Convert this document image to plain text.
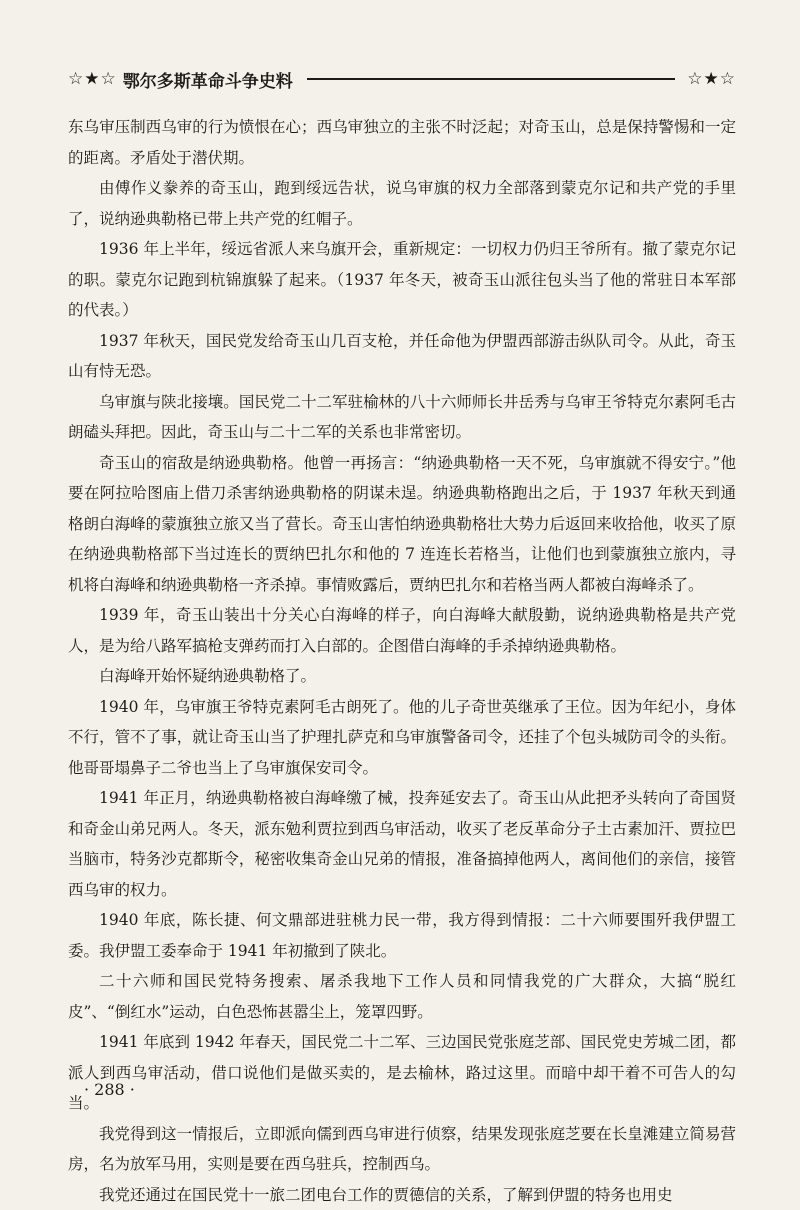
☆★☆ 鄂尔多斯革命斗争史料	☆★☆

东乌审压制西乌审的行为愤恨在心；西乌审独立的主张不时泛起；对奇玉山，总是保持警惕和一定的距离。矛盾处于潜伏期。

由傅作义豢养的奇玉山，跑到绥远告状，说乌审旗的权力全部落到蒙克尔记和共产党的手里了，说纳逊典勒格已带上共产党的红帽子。

1936 年上半年，绥远省派人来乌旗开会，重新规定：一切权力仍归王爷所有。撤了蒙克尔记的职。蒙克尔记跑到杭锦旗躲了起来。（1937 年冬天，被奇玉山派往包头当了他的常驻日本军部的代表。）

1937 年秋天，国民党发给奇玉山几百支枪，并任命他为伊盟西部游击纵队司令。从此，奇玉山有恃无恐。

乌审旗与陕北接壤。国民党二十二军驻榆林的八十六师师长井岳秀与乌审王爷特克尔素阿毛古朗磕头拜把。因此，奇玉山与二十二军的关系也非常密切。

奇玉山的宿敌是纳逊典勒格。他曾一再扬言：“纳逊典勒格一天不死，乌审旗就不得安宁。”他要在阿拉哈图庙上借刀杀害纳逊典勒格的阴谋未逞。纳逊典勒格跑出之后，于 1937 年秋天到通格朗白海峰的蒙旗独立旅又当了营长。奇玉山害怕纳逊典勒格壮大势力后返回来收拾他，收买了原在纳逊典勒格部下当过连长的贾纳巴扎尔和他的 7 连连长若格当，让他们也到蒙旗独立旅内，寻机将白海峰和纳逊典勒格一齐杀掉。事情败露后，贾纳巴扎尔和若格当两人都被白海峰杀了。

1939 年，奇玉山装出十分关心白海峰的样子，向白海峰大献殷勤，说纳逊典勒格是共产党人，是为给八路军搞枪支弹药而打入白部的。企图借白海峰的手杀掉纳逊典勒格。

白海峰开始怀疑纳逊典勒格了。

1940 年，乌审旗王爷特克素阿毛古朗死了。他的儿子奇世英继承了王位。因为年纪小，身体不行，管不了事，就让奇玉山当了护理扎萨克和乌审旗警备司令，还挂了个包头城防司令的头衔。他哥哥塌鼻子二爷也当上了乌审旗保安司令。

1941 年正月，纳逊典勒格被白海峰缴了械，投奔延安去了。奇玉山从此把矛头转向了奇国贤和奇金山弟兄两人。冬天，派东勉利贾拉到西乌审活动，收买了老反革命分子土古素加汗、贾拉巴当脑市，特务沙克都斯令，秘密收集奇金山兄弟的情报，准备搞掉他两人，离间他们的亲信，接管西乌审的权力。

1940 年底，陈长捷、何文鼎部进驻桃力民一带，我方得到情报：二十六师要围歼我伊盟工委。我伊盟工委奉命于 1941 年初撤到了陕北。

二十六师和国民党特务搜索、屠杀我地下工作人员和同情我党的广大群众，大搞“脱红皮”、“倒红水”运动，白色恐怖甚嚣尘上，笼罩四野。

1941 年底到 1942 年春天，国民党二十二军、三边国民党张庭芝部、国民党史芳城二团，都派人到西乌审活动，借口说他们是做买卖的，是去榆林，路过这里。而暗中却干着不可告人的勾当。

我党得到这一情报后，立即派向儒到西乌审进行侦察，结果发现张庭芝要在长皇滩建立简易营房，名为放军马用，实则是要在西乌驻兵，控制西乌。

我党还通过在国民党十一旅二团电台工作的贾德信的关系，了解到伊盟的特务也用史

· 288 ·
